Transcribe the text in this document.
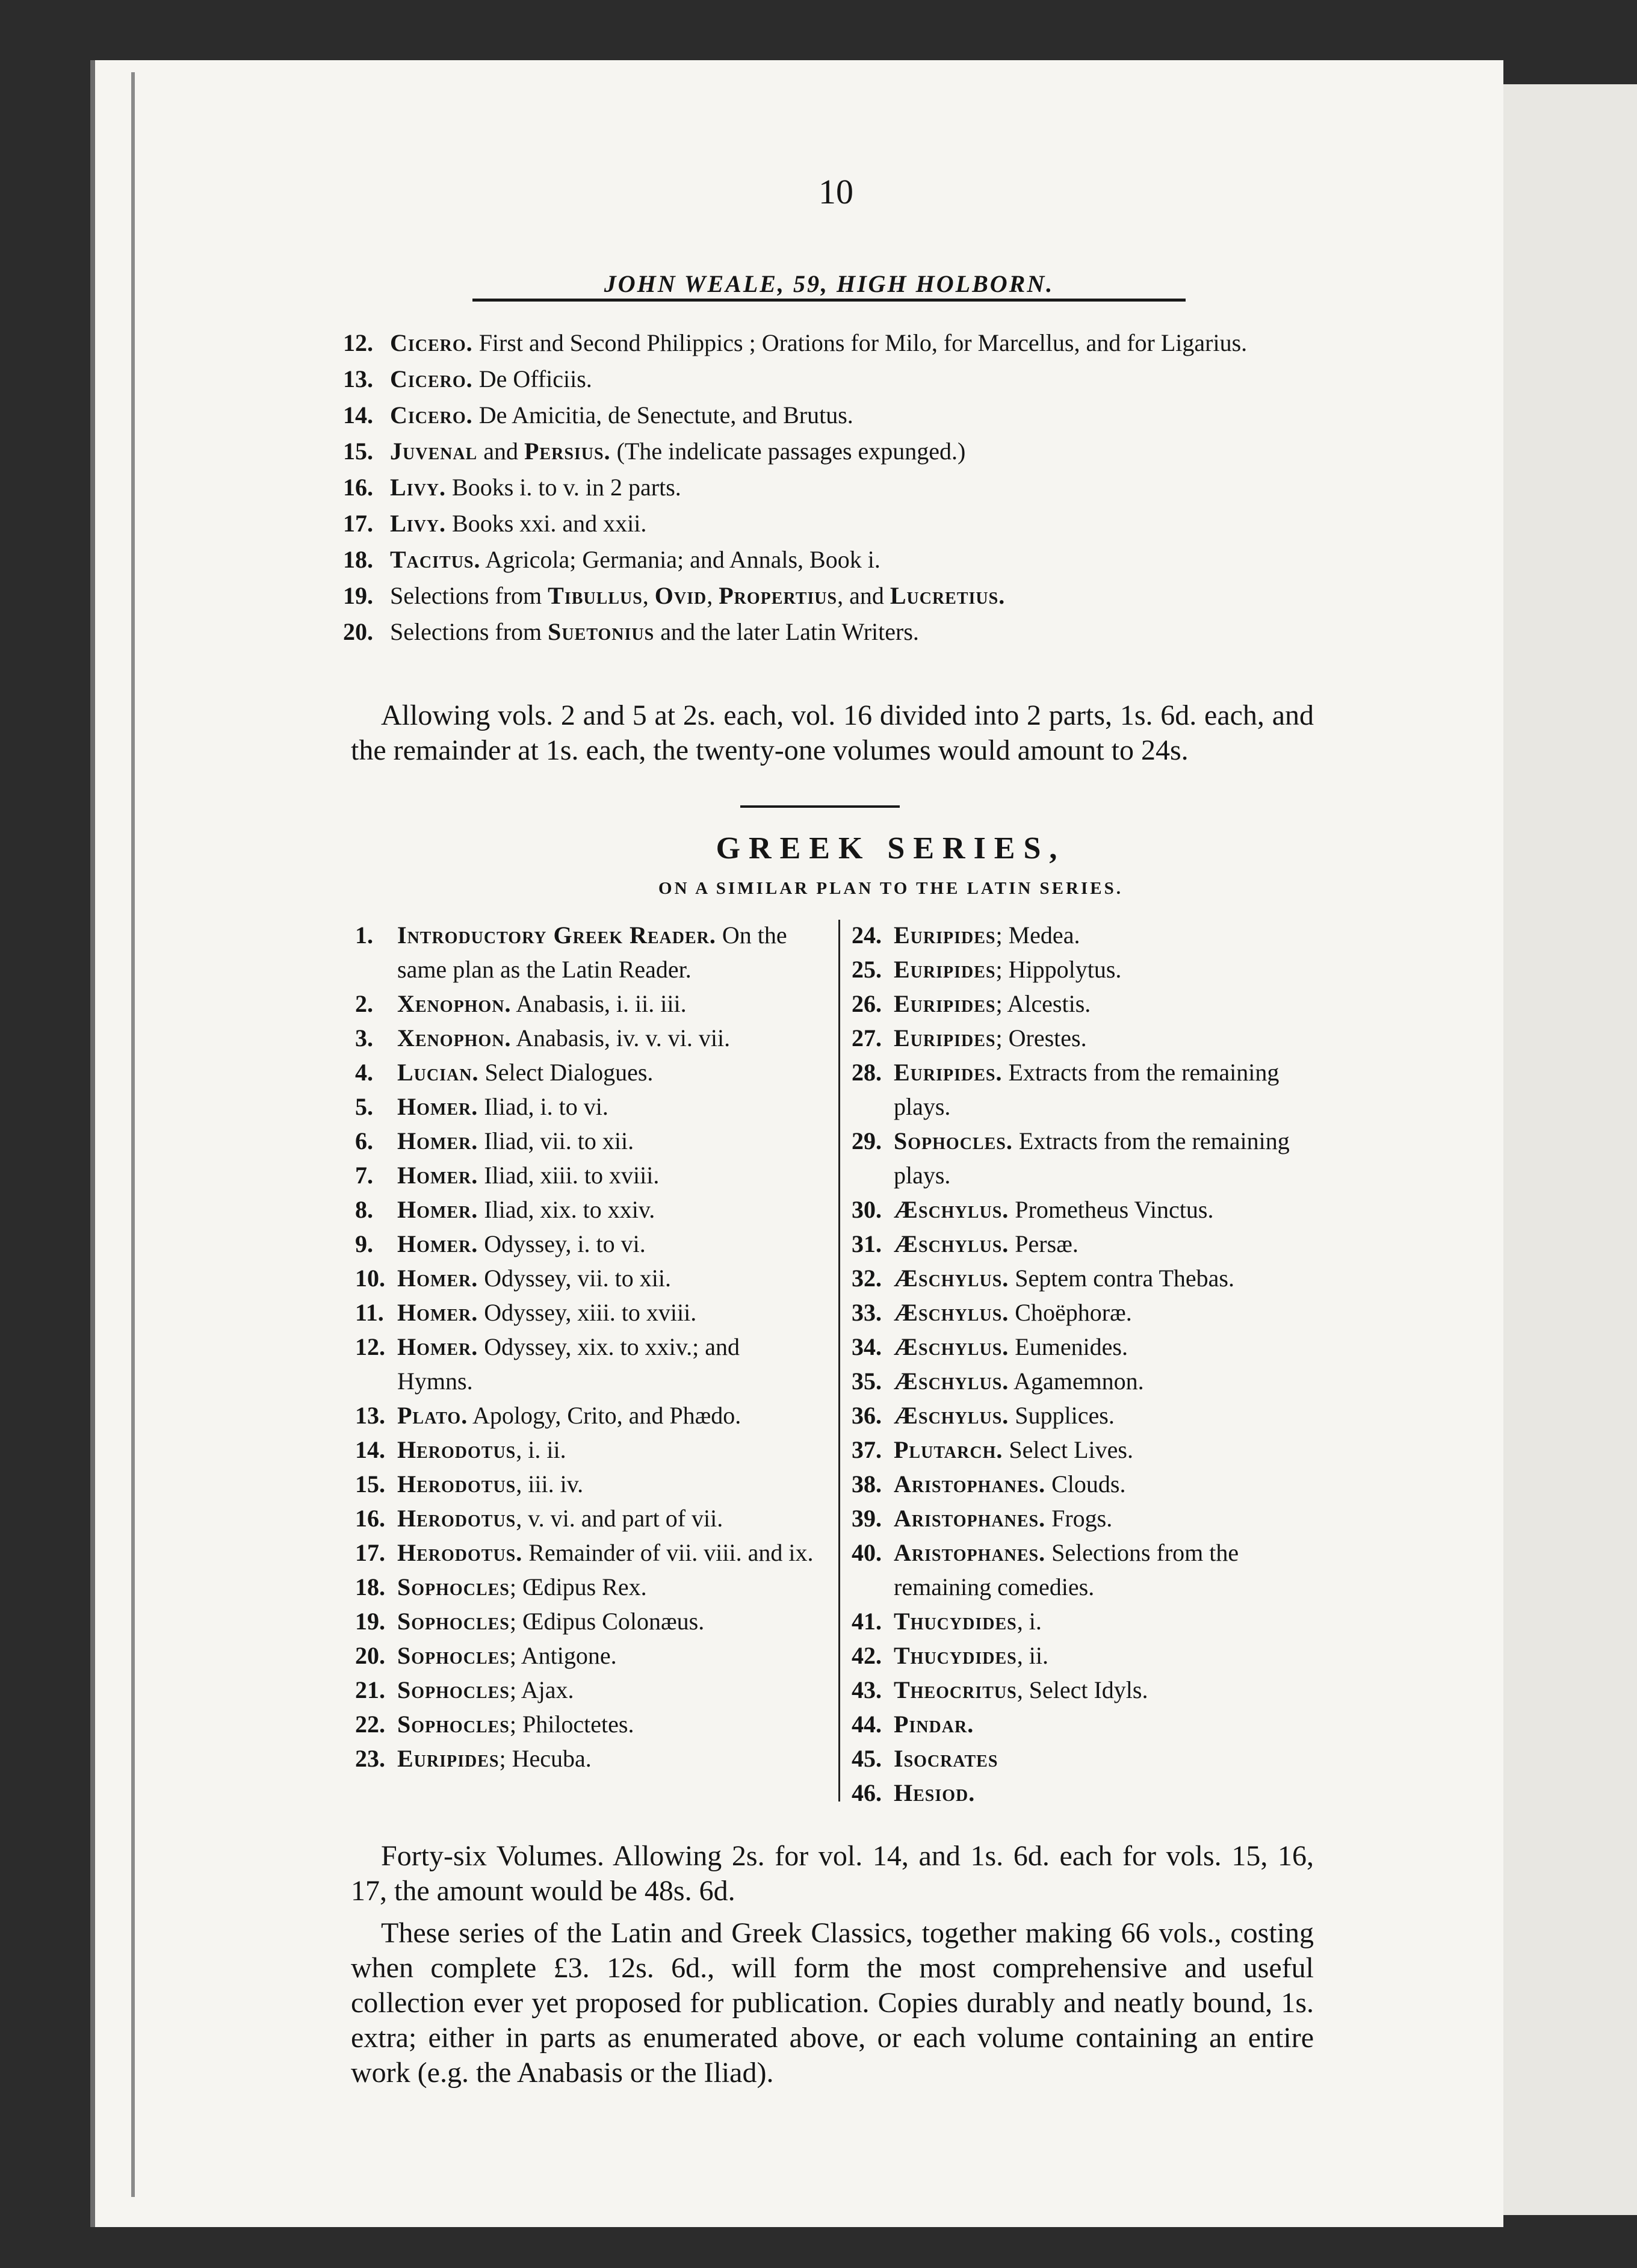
10
JOHN WEALE, 59, HIGH HOLBORN.
12. Cicero. First and Second Philippics ; Orations for Milo, for Marcellus, and for Ligarius.
13. Cicero. De Officiis.
14. Cicero. De Amicitia, de Senectute, and Brutus.
15. Juvenal and Persius. (The indelicate passages expunged.)
16. Livy. Books i. to v. in 2 parts.
17. Livy. Books xxi. and xxii.
18. Tacitus. Agricola; Germania; and Annals, Book i.
19. Selections from Tibullus, Ovid, Propertius, and Lucretius.
20. Selections from Suetonius and the later Latin Writers.
Allowing vols. 2 and 5 at 2s. each, vol. 16 divided into 2 parts, 1s. 6d. each, and the remainder at 1s. each, the twenty-one volumes would amount to 24s.
GREEK SERIES,
ON A SIMILAR PLAN TO THE LATIN SERIES.
1.	Introductory Greek Reader. On the same plan as the Latin Reader.
2.	Xenophon. Anabasis, i. ii. iii.
3.	Xenophon. Anabasis, iv. v. vi. vii.
4.	Lucian. Select Dialogues.
5.	Homer. Iliad, i. to vi.
6.	Homer. Iliad, vii. to xii.
7.	Homer. Iliad, xiii. to xviii.
8.	Homer. Iliad, xix. to xxiv.
9.	Homer. Odyssey, i. to vi.
10. Homer. Odyssey, vii. to xii.
11. Homer. Odyssey, xiii. to xviii.
12. Homer. Odyssey, xix. to xxiv.; and Hymns.
13. Plato. Apology, Crito, and Phædo.
14. Herodotus, i. ii.
15. Herodotus, iii. iv.
16. Herodotus, v. vi. and part of vii.
17. Herodotus. Remainder of vii. viii. and ix.
18. Sophocles; Œdipus Rex.
19. Sophocles; Œdipus Colonæus.
20. Sophocles; Antigone.
21. Sophocles; Ajax.
22. Sophocles; Philoctetes.
23. Euripides; Hecuba.
24. Euripides; Medea.
25. Euripides; Hippolytus.
26. Euripides; Alcestis.
27. Euripides; Orestes.
28. Euripides. Extracts from the remaining plays.
29. Sophocles. Extracts from the remaining plays.
30. Æschylus. Prometheus Vinctus.
31. Æschylus. Persæ.
32. Æschylus. Septem contra Thebas.
33. Æschylus. Choëphoræ.
34. Æschylus. Eumenides.
35. Æschylus. Agamemnon.
36. Æschylus. Supplices.
37. Plutarch. Select Lives.
38. Aristophanes. Clouds.
39. Aristophanes. Frogs.
40. Aristophanes. Selections from the remaining comedies.
41. Thucydides, i.
42. Thucydides, ii.
43. Theocritus, Select Idyls.
44. Pindar.
45. Isocrates
46. Hesiod.
Forty-six Volumes. Allowing 2s. for vol. 14, and 1s. 6d. each for vols. 15, 16, 17, the amount would be 48s. 6d.
These series of the Latin and Greek Classics, together making 66 vols., costing when complete £3. 12s. 6d., will form the most comprehensive and useful collection ever yet proposed for publication. Copies durably and neatly bound, 1s. extra; either in parts as enumerated above, or each volume containing an entire work (e.g. the Anabasis or the Iliad).
